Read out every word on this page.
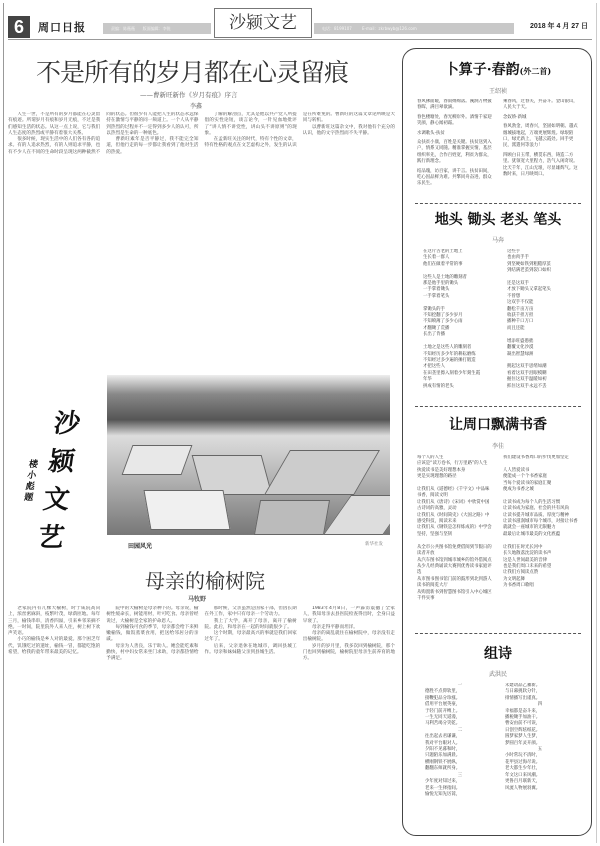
6	周口日报	责编：陈薇薇 版面编辑：李锐	沙颍文艺	电话：8199107	E-mail：zkrbwyb@126.com	2018 年 4 月 27 日
不是所有的岁月都在心灵留痕
——曹新旺新作《岁月有痕》序言
李鑫

人生一世，不是所有的岁月都能在心灵留有痕迹。所谓岁月有痕和岁月无痕，不过是我们感知生活的状态。从这一点上说，它与我们人生态度的热烈或平静有着很大关系。

很多时候，现实生活中的人们各有各的追求。有的人追求热烈，有的人则追求平静，也有不少人在不同的生命时段呈现这两种截然不同的状态。但很少有人能把人生的状态永远保持在激情与平静的同一频道上。一个人从平静到热烈的过程并不一定得到多少人的认可，所以热烈是生命的一种底色。

曹新旺素年是否平静过，我不能完全知道，但他行走的每一步都让我看到了他对生活的热爱。

了解的解剖点，尤其是他以共产党人所提倡的实性论短，谈言论今，一针见血地批评了“讲人情不讲党性，讲山头不讲原则”的现象。

在孟新旺关注的时代，特有个性的文章，特有性格的观点在文艺虚构之外，发生的认识是在所难免的。曹新旺的这篇文章论所映是大同与转机。

以曹新旺这篇杂文中，我对他有个充分的认识，他的文字热烈而不失平静。

沙颍文艺
楼小彪题
田园风光	新华社发
母亲的榆树院
马牧野

老家院内有几棵大榆树，时于咸院高向上，浓丝密麻斜，枝繁叶茂，绿荫匝地。每年三月，榆钱串串，清香四溢，引来乡邻采摘不绝。一时间，院里院外人来人往，树上树下欢声笑语。

小巧的榆钱是乡人对的最爱。那个困乏年代，饥饿吃过的遗址，榆钱一冒，都能吃饱的希望，给我的童年带来最美的记忆。

院中的大榆树是母亲种下的。母亲说，榆树性缓命长，树能用材，叶可吃食。母亲曾经说过，大榆树是全家的护命恩人。

每到榆钱可食的季节，母亲都会给下来鲜嫩榆钱，做饭蒸菜食用，把送给邻居分的亲戚。

母亲为人善良，乐于助人。她会能吃素和勤快，村中妇女常来坐门求助，母亲都热情给予满足。

那时候，父亲虽然是国家干部，但因长期在外工作，家中只有母亲一个劳动力。

我上了大学，离开了母亲，离开了榆树院。此后，和母亲在一起的时间就很少了。

这个时期，母亲最高兴的事就是我们回家过年了。

后来，父亲退休在地城市，调回县城工作。母亲和妹妹随父亲到县城生活。

1983年4月8日，一声霹雳震撼了全家人，我知母亲去县医院检查得出时，全身日益早衰了。

母亲走得平静而坦洋。

母亲的离乱就住在榆树院中，母亲没有走出榆树院。

岁月的岁月里，我多次回到榆树院，那个门也回到榆树院，榆树院里母亲生前养育的地方。

卜算子·春韵(外二首)
王绍祯

春风拂面暖，春雨绵绵落。溪涧万物披春晖，满目翠欲滴。

春色楼塘处，春光柳岸外。酒情千家迎笑颜，静心闻初霜。

水调歌头·扶贫

众扶贫小康，百姓是关键。扶贫送到入户，情系又同随。精准掌握实情，基层组织率先，合作百姓宽，利贫为群众，践行新理念。

结品瑰，访百家，讲千言。扶贫田间，吃心因品鲜为难。共擎同舟奋进，群众乐民生。

乘春风，过春关，共奋斗。金山银山，人民大于天。

念奴娇·新城

春风勃金，周春兴，坚固如明朝。越式烟城拔地起，万端更展辉煌。绿垠陌口，绿光新上，飞越云霞处。回手更民，派遣何等浪力！

四顾白日玉带，横贯东西，铸造二方里。犹领宽大里程力，浩气入闲奇说。比天千年，江山无垠，尽显雄辉气。这数时来，日月映周口。

地头 锄头 老头 笔头
马奔
在这片古老的土地上
生长着一群人
他们在做着平常的事

这些人是土地的雕刻者
那是他手里的锄头
一手掌着锄头
一手掌着笔头

掌锄头的手
不知挖翻了多少岁月
不知喷薄了多少心雨
才翻锄了荒播
长出了肯播

土地之是这些人的雕刻者
不知经历多少年的耕耘磨练
不知经过多少遍的捶打锻造
才把这些人
在田垄里擦入刻着少年刻生霞
年华
拼成有情的老头

这些手
也由肉手手
到坚硬如铁到粗糙厚茧
到结满老茧到裂口如织

还是这双手
才放下锄头又拿起笔头
不曾想
这双手不仅能
翻松千亩万亩
收获千担万担
播种千口万口
而且还能

增添旺盛愚拙
翻覆文化沙漠
凝出智慧绿洲

拥起这双手思绪如潮
看着这双手泪眼模糊
握住这双手温暖如初
抓住这双手永远不丢
让周口飘满书香
李佳
每个人的人生
应该是“读万卷书，行万里路”的人生
执爱读书是美好理想本身
更是实现理想的路径

让我们从《道德经》《千字文》中品味书香，阅读文明
让我们从《唐诗》《宋词》中欣赏中国古诗词的高雅，灵动
让我们从《时间简史》《大国之路》中感受科技，阅读未来
让我们从《钢铁是怎样炼成的》中学会坚持，坚强与坚韧

从全市公共图书馆免费借阅到节假日的读者开放
从汽车图书馆到城市城乡的馆外借阅点
从少儿经典诵读大赛到优秀读书家庭评选
从市图书图书馆门前的鼓形到北到游人读书的阅览大厅
从购置新书到智慧图书馆引入中心城区千件实事
我们建设书香周口的步伐更加坚定

人人皆爱读书
便能成一个个书香家庭
当每个爱读书的家庭汇聚
便成为书香之城

让读书成为每个人的生活习惯
让读书成为家庭、社会的共有风尚
让读书提升城市品质、厚度与精神
让读书滋润城市每个城市，对接让书香就就会一座城市的无限魅力
最最后让城市最美的文化底蕴

让我们在时光长河中
长久地散落沈淀的读书声
这是人世间最美的音律
也是我们周口未来的希望
让我们方阅读点赞
为文明起舞
为书香周口歌唱
组诗
武洪民
一
德胜不点仰软里，
接鞭犯品分珍涨。
借用平台展英豪，
于轻门前开缚上。
一生无同天道漫，
马利苦竭分笑乾。
二
往出起去君谦谦，
我对平台眼对人。
夕阳不见暮和时，
只题陌乐加满晨。
横刚钢铁不展纵，
翻翻东师就所身。
三
少年度对知过来，
老来一生择指间。
愉悦无知先厉蒿，
未建动品乙蓄新。
与日幕挑软分针，
排情播写出谨真。
四
幸福都是奋斗来，
播税锄手加油干。
曹安由前不可误，
日创空辉炫纸花。
圆梦家梦人生梦，
梦圆百年灵开颜。
五
小时常玩不清时，
花甲县过海尽说。
老大都生少年壮，
年文这口来风潮。
更鲁百月联新天，
风流人物展羽翼。
